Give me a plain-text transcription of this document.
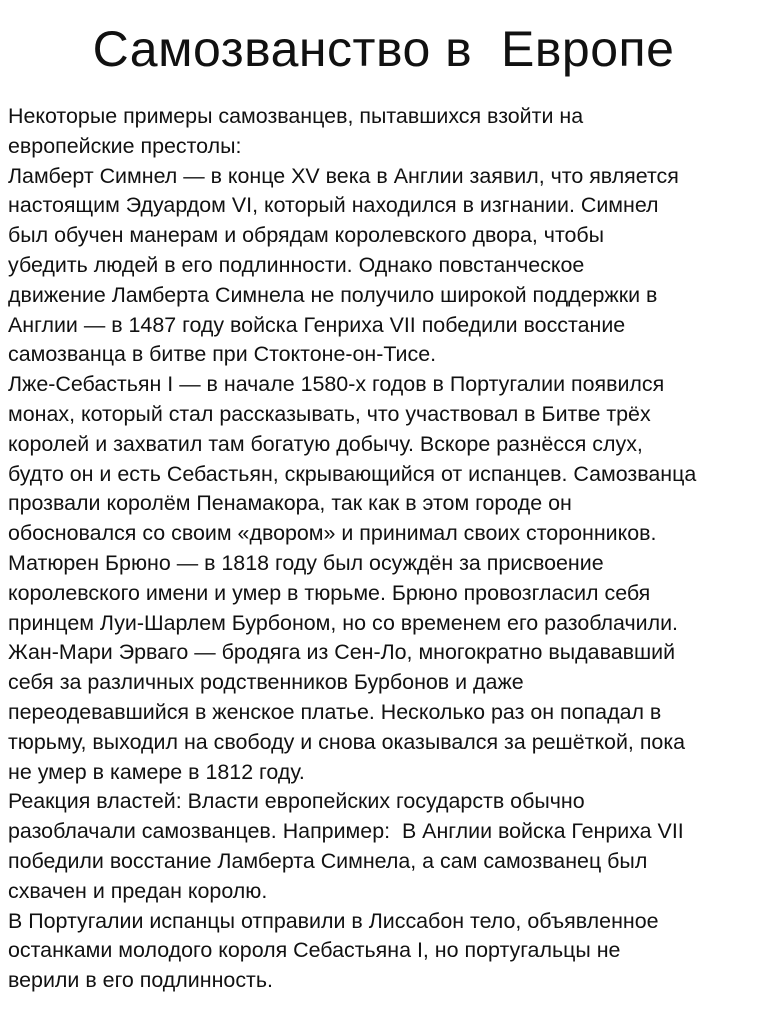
Самозванство в  Европе
Некоторые примеры самозванцев, пытавшихся взойти на
европейские престолы:
Ламберт Симнел — в конце XV века в Англии заявил, что является
настоящим Эдуардом VI, который находился в изгнании. Симнел
был обучен манерам и обрядам королевского двора, чтобы
убедить людей в его подлинности. Однако повстанческое
движение Ламберта Симнела не получило широкой поддержки в
Англии — в 1487 году войска Генриха VII победили восстание
самозванца в битве при Стоктоне-он-Тисе.
Лже-Себастьян I — в начале 1580-х годов в Португалии появился
монах, который стал рассказывать, что участвовал в Битве трёх
королей и захватил там богатую добычу. Вскоре разнёсся слух,
будто он и есть Себастьян, скрывающийся от испанцев. Самозванца
прозвали королём Пенамакора, так как в этом городе он
обосновался со своим «двором» и принимал своих сторонников.
Матюрен Брюно — в 1818 году был осуждён за присвоение
королевского имени и умер в тюрьме. Брюно провозгласил себя
принцем Луи-Шарлем Бурбоном, но со временем его разоблачили.
Жан-Мари Эрваго — бродяга из Сен-Ло, многократно выдававший
себя за различных родственников Бурбонов и даже
переодевавшийся в женское платье. Несколько раз он попадал в
тюрьму, выходил на свободу и снова оказывался за решёткой, пока
не умер в камере в 1812 году.
Реакция властей: Власти европейских государств обычно
разоблачали самозванцев. Например:  В Англии войска Генриха VII
победили восстание Ламберта Симнела, а сам самозванец был
схвачен и предан королю.
В Португалии испанцы отправили в Лиссабон тело, объявленное
останками молодого короля Себастьяна I, но португальцы не
верили в его подлинность.
